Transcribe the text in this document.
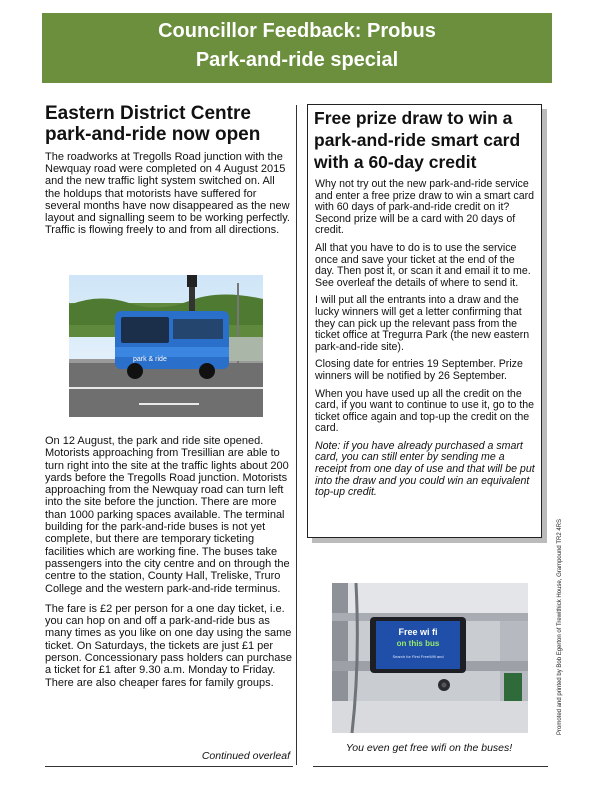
Councillor Feedback: Probus
Park-and-ride special
Eastern District Centre
park-and-ride now open

The roadworks at Tregolls Road junction with the Newquay road were completed on 4 August 2015 and the new traffic light system switched on. All the holdups that motorists have suffered for several months have now disappeared as the new layout and signalling seem to be working perfectly. Traffic is flowing freely to and from all directions.

park & ride

On 12 August, the park and ride site opened. Motorists approaching from Tresillian are able to turn right into the site at the traffic lights about 200 yards before the Tregolls Road junction. Motorists approaching from the Newquay road can turn left into the site before the junction. There are more than 1000 parking spaces available. The terminal building for the park-and-ride buses is not yet complete, but there are temporary ticketing facilities which are working fine. The buses take passengers into the city centre and on through the centre to the station, County Hall, Treliske, Truro College and the western park-and-ride terminus.

The fare is £2 per person for a one day ticket, i.e. you can hop on and off a park-and-ride bus as many times as you like on one day using the same ticket. On Saturdays, the tickets are just £1 per person. Concessionary pass holders can purchase a ticket for £1 after 9.30 a.m. Monday to Friday. There are also cheaper fares for family groups.

Continued overleaf
Free prize draw to win a park-and-ride smart card with a 60-day credit

Why not try out the new park-and-ride service and enter a free prize draw to win a smart card with 60 days of park-and-ride credit on it? Second prize will be a card with 20 days of credit.

All that you have to do is to use the service once and save your ticket at the end of the day. Then post it, or scan it and email it to me. See overleaf the details of where to send it.

I will put all the entrants into a draw and the lucky winners will get a letter confirming that they can pick up the relevant pass from the ticket office at Tregurra Park (the new eastern park-and-ride site).

Closing date for entries 19 September. Prize winners will be notified by 26 September.

When you have used up all the credit on the card, if you want to continue to use it, go to the ticket office again and top-up the credit on the card.

Note: if you have already purchased a smart card, you can still enter by sending me a receipt from one day of use and that will be put into the draw and you could win an equivalent top-up credit.

Promoted and printed by Bob Egerton of Trewithick House, Grampound TR2 4RS
Free wi fi
on this bus
Search for First FreeWifi and
You even get free wifi on the buses!
